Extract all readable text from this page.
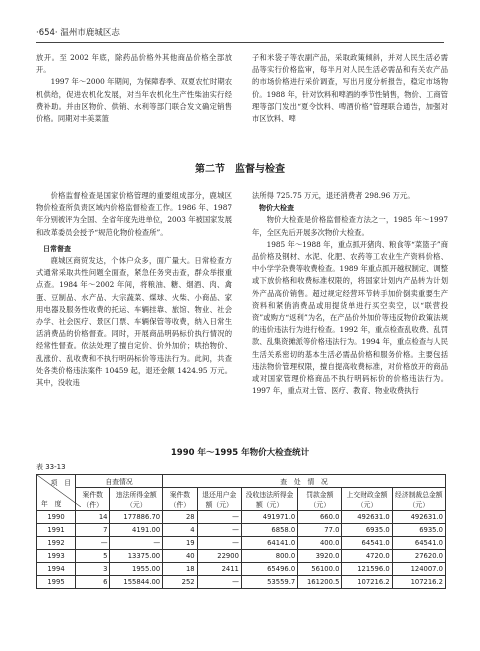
·654· 温州市鹿城区志

放开。至 2002 年底，除药品价格外其他商品价格全部放开。

1997 年～2000 年期间，为保障春季、双夏农忙时期农机供给，促进农机化发展，对当年农机化生产性柴油实行经费补助。并由区物价、供销、水利等部门联合发文确定销售价格。同期对丰美菜篮

子和米袋子等农副产品，采取政策倾斜，并对人民生活必需品等实行价格监审，每半月对人民生活必需品和有关农产品的市场价格进行采价调查，写出月度分析报告，稳定市场物价。1988 年，针对饮料和啤酒的季节性销售，物价、工商管理等部门发出“夏令饮料、啤酒价格”管理联合通告，加强对市区饮料、啤

第二节　监督与检查

价格监督检查是国家价格管理的重要组成部分，鹿城区物价检查所负责区域内价格监督检查工作。1986 年、1987 年分别被评为全国、全省年度先进单位，2003 年被国家发展和改革委员会授予“规范化物价检查所”。

日常督查

鹿城区商贸发达，个体户众多，面广量大。日常检查方式通常采取共性问题全面查，紧急任务突击查，群众举报重点查。1984 年～2002 年间，将粮油、糖、烟酒、肉、禽蛋、豆制品、水产品、大宗蔬菜、煤球、火柴、小商品、家用电器及服务性收费的托运、车辆挂靠、旅馆、物业、社会办学、社会医疗、景区门票、车辆保管等收费，纳入日常生活消费品的价格督查。同时，开展商品明码标价执行情况的经常性督查。依法处理了擅自定价、价外加价；哄抬物价、乱涨价、乱收费和不执行明码标价等违法行为。此间，共查处各类价格违法案件 10459 起，退还金额 1424.95 万元。其中，没收违

法所得 725.75 万元，退还消费者 298.96 万元。

物价大检查

物价大检查是价格监督检查方法之一，1985 年～1997 年，全区先后开展多次物价大检查。

1985 年～1988 年，重点抓开猪肉、粮食等“菜篮子”商品价格及钢材、水泥、化肥、农药等工农业生产资料价格、中小学学杂费等收费检查。1989 年重点抓开越权制定、调整或下放价格和收费标准权限的，将国家计划内产品转为计划外产品高价销售。超过规定经营环节转手加价倒卖重要生产资料和紧俏消费品或用提货单进行买空卖空，以“联营投资”或购方“返利”为名，在产品价外加价等违反物价政策法规的违价违法行为进行检查。1992 年，重点检查乱收费、乱罚款、乱集资摊派等价格违法行为。1994 年，重点检查与人民生活关系密切的基本生活必需品价格和服务价格。主要包括违法物价管理权限，擅自提高收费标准，对价格放开的商品或对国家管理价格商品不执行明码标价的价格违法行为。1997 年，重点对土管、医疗、教育、物业收费执行

1990 年～1995 年物价大检查统计
表 33-13
项　目
年　度	自查情况		查　处　情　况					
	案件数（件）	违法所得金额（元）	案件数（件）	退还用户金额（元）	没收违法所得金额（元）	罚款金额（元）	上交财政金额（元）	经济制裁总金额（元）
1990	14	177886.70	28	—	491971.0	660.0	492631.0	492631.0
1991	7	4191.00	4	—	6858.0	77.0	6935.0	6935.0
1992	—	—	19	—	64141.0	400.0	64541.0	64541.0
1993	5	13375.00	40	22900	800.0	3920.0	4720.0	27620.0
1994	3	1955.00	18	2411	65496.0	56100.0	121596.0	124007.0
1995	6	155844.00	252	—	53559.7	161200.5	107216.2	107216.2
